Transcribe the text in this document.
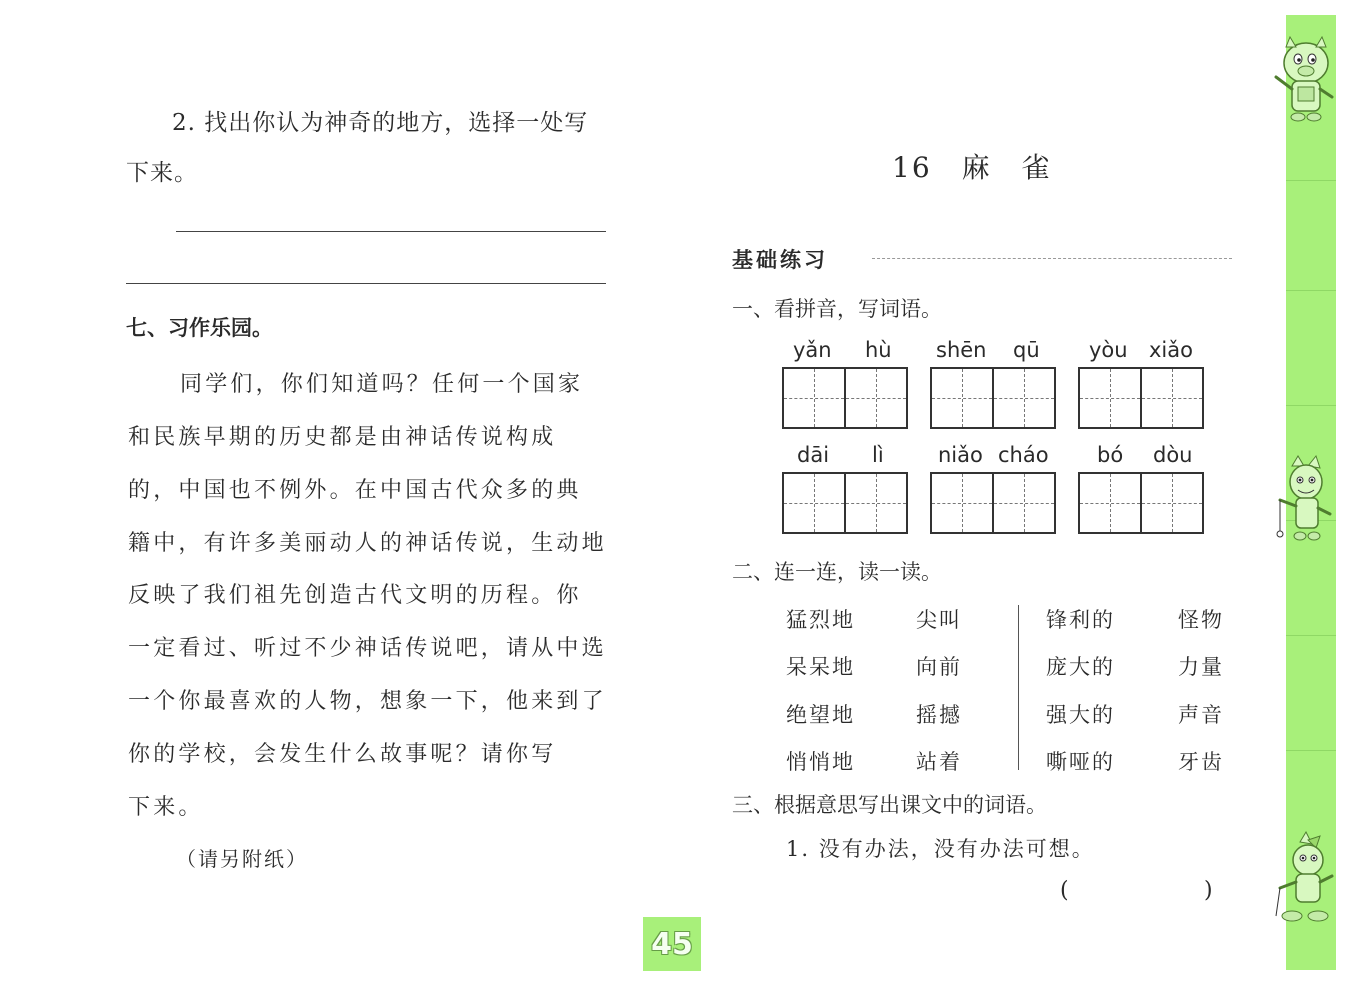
2. 找出你认为神奇的地方，选择一处写
下来。
七、习作乐园。
同学们，你们知道吗？任何一个国家
和民族早期的历史都是由神话传说构成
的，中国也不例外。在中国古代众多的典
籍中，有许多美丽动人的神话传说，生动地
反映了我们祖先创造古代文明的历程。你
一定看过、听过不少神话传说吧，请从中选
一个你最喜欢的人物，想象一下，他来到了
你的学校，会发生什么故事呢？请你写
下来。
（请另附纸）
16　麻　雀
基础练习
一、看拼音，写词语。
yǎn hù shēn qū yòu xiǎo
dāi lì	niǎo cháo bó dòu
二、连一连，读一读。
猛烈地
呆呆地
绝望地
悄悄地
尖叫
向前
摇撼
站着
锋利的
庞大的
强大的
嘶哑的
怪物
力量
声音
牙齿
三、根据意思写出课文中的词语。
1. 没有办法，没有办法可想。
(	)
45
